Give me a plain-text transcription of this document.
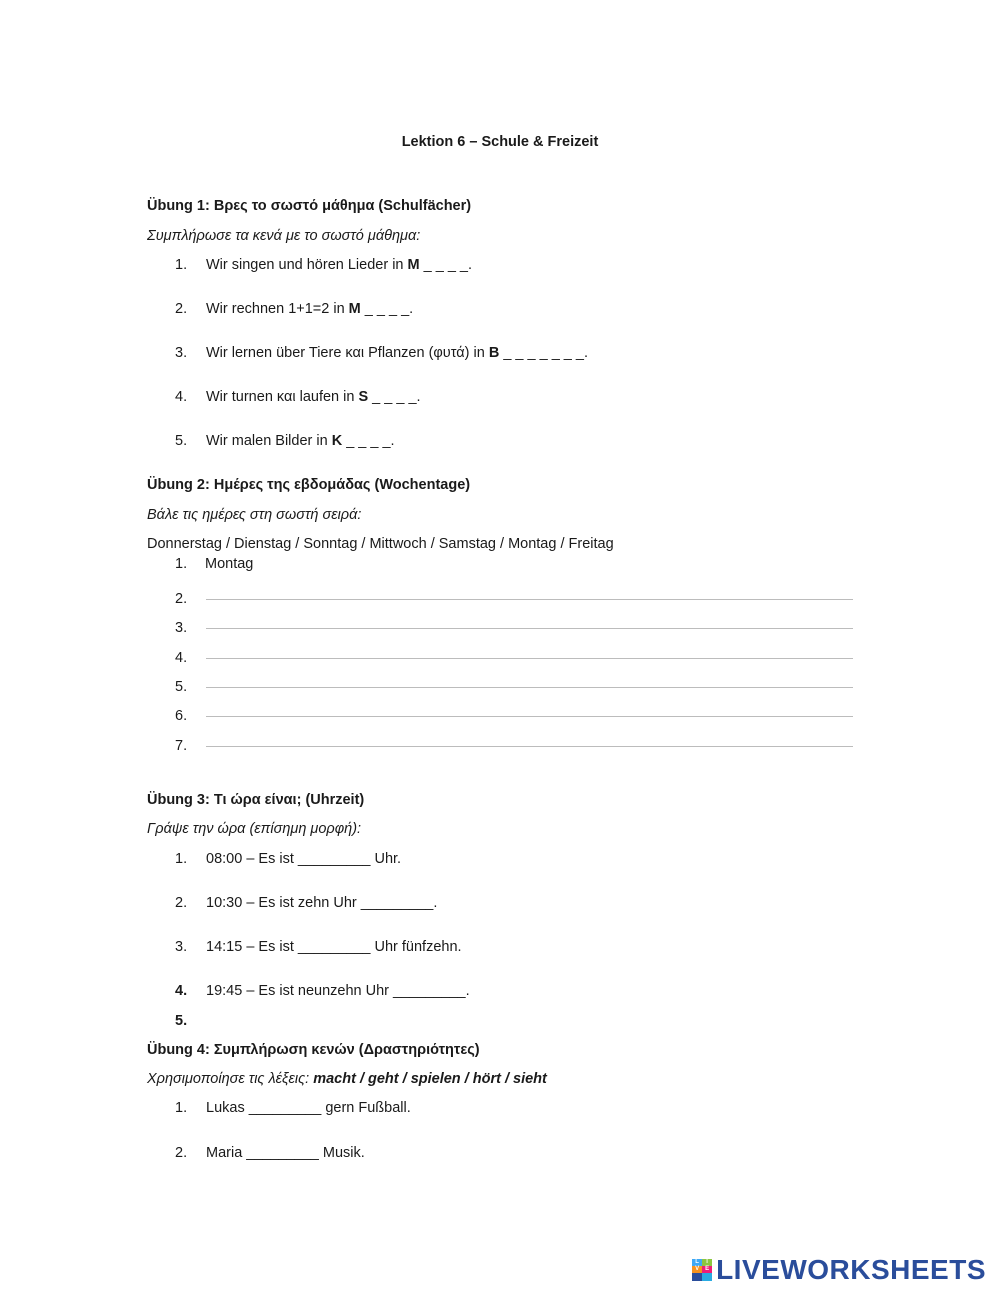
Lektion 6 – Schule & Freizeit
Übung 1: Βρες το σωστό μάθημα (Schulfächer)
Συμπλήρωσε τα κενά με το σωστό μάθημα:
1. Wir singen und hören Lieder in M _ _ _ _.
2. Wir rechnen 1+1=2 in M _ _ _ _.
3. Wir lernen über Tiere και Pflanzen (φυτά) in B _ _ _ _ _ _ _.
4. Wir turnen και laufen in S _ _ _ _.
5. Wir malen Bilder in K _ _ _ _.
Übung 2: Ημέρες της εβδομάδας (Wochentage)
Βάλε τις ημέρες στη σωστή σειρά:
Donnerstag / Dienstag / Sonntag / Mittwoch / Samstag / Montag / Freitag
1. Montag
2.
3.
4.
5.
6.
7.
Übung 3: Τι ώρα είναι; (Uhrzeit)
Γράψε την ώρα (επίσημη μορφή):
1. 08:00 – Es ist _________ Uhr.
2. 10:30 – Es ist zehn Uhr _________.
3. 14:15 – Es ist _________ Uhr fünfzehn.
4. 19:45 – Es ist neunzehn Uhr _________.
5.
Übung 4: Συμπλήρωση κενών (Δραστηριότητες)
Χρησιμοποίησε τις λέξεις: macht / geht / spielen / hört / sieht
1. Lukas _________ gern Fußball.
2. Maria _________ Musik.
L	I
V E LIVEWORKSHEETS
